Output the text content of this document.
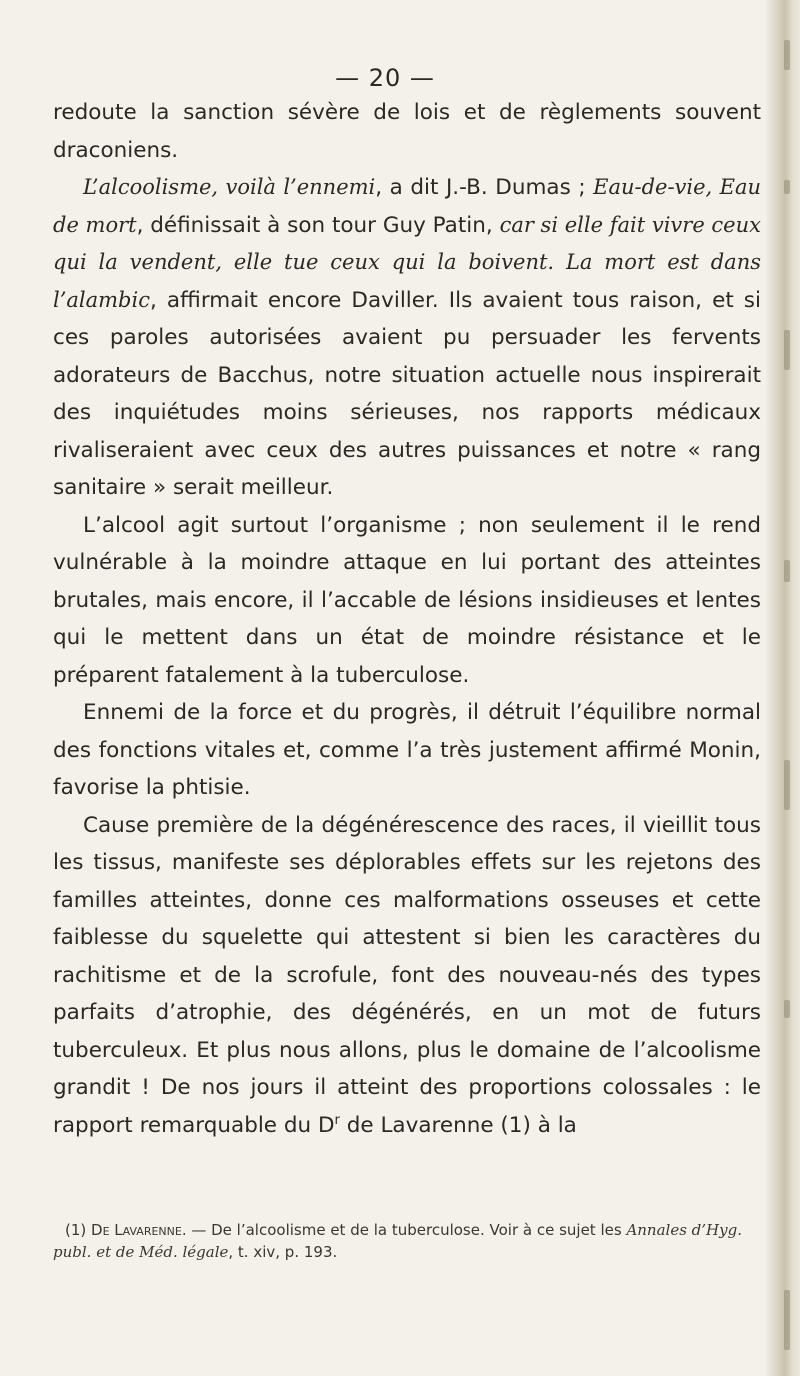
— 20 —

redoute la sanction sévère de lois et de règlements souvent draconiens.

L’alcoolisme, voilà l’ennemi, a dit J.-B. Dumas ; Eau-de-vie, Eau de mort, définissait à son tour Guy Patin, car si elle fait vivre ceux qui la vendent, elle tue ceux qui la boivent. La mort est dans l’alambic, affirmait encore Daviller. Ils avaient tous raison, et si ces paroles autorisées avaient pu persuader les fervents adorateurs de Bacchus, notre situation actuelle nous inspirerait des inquiétudes moins sérieuses, nos rapports médicaux rivaliseraient avec ceux des autres puissances et notre « rang sanitaire » serait meilleur.

L’alcool agit surtout l’organisme ; non seulement il le rend vulnérable à la moindre attaque en lui portant des atteintes brutales, mais encore, il l’accable de lésions insidieuses et lentes qui le mettent dans un état de moindre résistance et le préparent fatalement à la tuberculose.

Ennemi de la force et du progrès, il détruit l’équilibre normal des fonctions vitales et, comme l’a très justement affirmé Monin, favorise la phtisie.

Cause première de la dégénérescence des races, il vieillit tous les tissus, manifeste ses déplorables effets sur les rejetons des familles atteintes, donne ces malformations osseuses et cette faiblesse du squelette qui attestent si bien les caractères du rachitisme et de la scrofule, font des nouveau-nés des types parfaits d’atrophie, des dégénérés, en un mot de futurs tuberculeux. Et plus nous allons, plus le domaine de l’alcoolisme grandit ! De nos jours il atteint des proportions colossales : le rapport remarquable du $D^r$ de Lavarenne (1) à la

(1) De Lavarenne. — De l’alcoolisme et de la tuberculose. Voir à ce sujet les Annales d’Hyg. publ. et de Méd. légale, t. xiv, p. 193.
